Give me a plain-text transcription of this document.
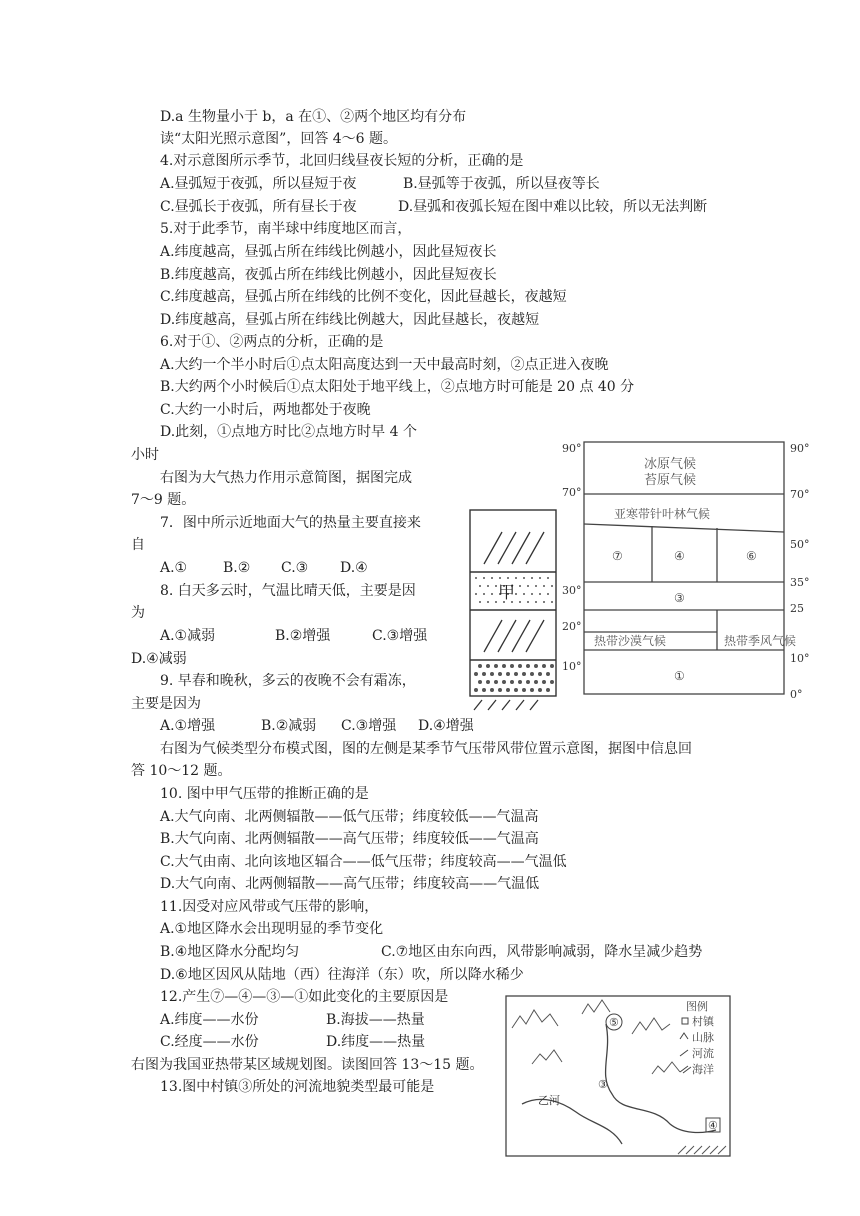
D.a 生物量小于 b，a 在①、②两个地区均有分布
读“太阳光照示意图”，回答 4～6 题。
4.对示意图所示季节，北回归线昼夜长短的分析，正确的是
A.昼弧短于夜弧，所以昼短于夜	B.昼弧等于夜弧，所以昼夜等长
C.昼弧长于夜弧，所有昼长于夜	D.昼弧和夜弧长短在图中难以比较，所以无法判断
5.对于此季节，南半球中纬度地区而言，
A.纬度越高，昼弧占所在纬线比例越小，因此昼短夜长
B.纬度越高，夜弧占所在纬线比例越小，因此昼短夜长
C.纬度越高，昼弧占所在纬线的比例不变化，因此昼越长，夜越短
D.纬度越高，昼弧占所在纬线比例越大，因此昼越长，夜越短
6.对于①、②两点的分析，正确的是
A.大约一个半小时后①点太阳高度达到一天中最高时刻，②点正进入夜晚
B.大约两个小时候后①点太阳处于地平线上，②点地方时可能是 20 点 40 分
C.大约一小时后，两地都处于夜晚
D.此刻，①点地方时比②点地方时早 4 个
小时
右图为大气热力作用示意简图，据图完成
7～9 题。
7．图中所示近地面大气的热量主要直接来
自
A.①	B.② C.③ D.④
8. 白天多云时，气温比晴天低，主要是因
为
A.①减弱	B.②增强	C.③增强
D.④减弱
9. 早春和晚秋，多云的夜晚不会有霜冻，
主要是因为
A.①增强	B.②减弱 C.③增强 D.④增强
右图为气候类型分布模式图，图的左侧是某季节气压带风带位置示意图，据图中信息回
答 10～12 题。
10. 图中甲气压带的推断正确的是
A.大气向南、北两侧辐散——低气压带；纬度较低——气温高
B.大气向南、北两侧辐散——高气压带；纬度较低——气温高
C.大气由南、北向该地区辐合——低气压带；纬度较高——气温低
D.大气向南、北两侧辐散——高气压带；纬度较高——气温低
11.因受对应风带或气压带的影响，
A.①地区降水会出现明显的季节变化
B.④地区降水分配均匀	C.⑦地区由东向西，风带影响减弱，降水呈减少趋势
D.⑥地区因风从陆地（西）往海洋（东）吹，所以降水稀少
12.产生⑦—④—③—①如此变化的主要原因是
A.纬度——水份	B.海拔——热量
C.经度——水份	D.纬度——热量
右图为我国亚热带某区域规划图。读图回答 13～15 题。
13.图中村镇③所处的河流地貌类型最可能是
甲	30°
20°
10°
90°
70°
冰原气候
苔原气候
亚寒带针叶林气候
热带沙漠气候	热带季风气候
①
③
④	⑥
⑦
90°
70°
50°
35°
25
10°
0°
⑤
③
④
乙河
图例
村镇
山脉
河流
海洋
